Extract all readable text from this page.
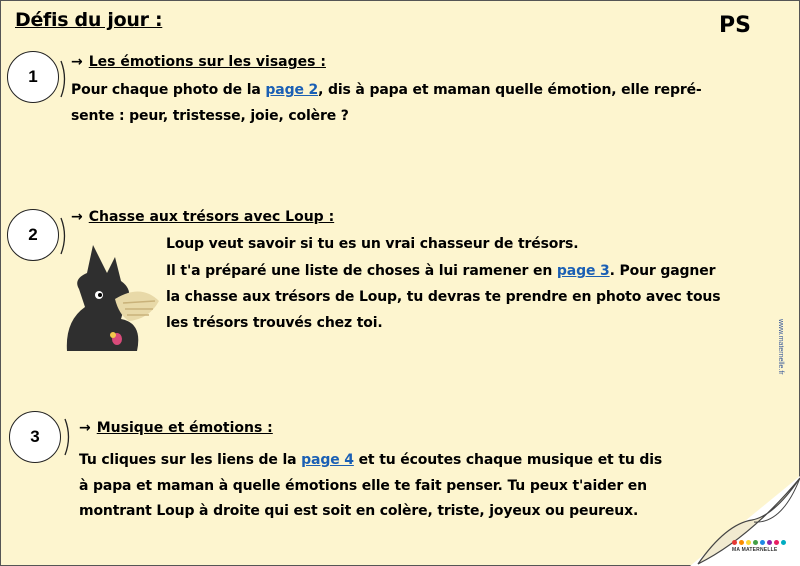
Défis du jour :	PS
1
→ Les émotions sur les visages :
Pour chaque photo de la page 2, dis à papa et maman quelle émotion, elle repré-
sente : peur, tristesse, joie, colère ?
2
→ Chasse aux trésors avec Loup :
Loup veut savoir si tu es un vrai chasseur de trésors.
Il t'a préparé une liste de choses à lui ramener en page 3. Pour gagner
la chasse aux trésors de Loup, tu devras te prendre en photo avec tous
les trésors trouvés chez toi.
3	→ Musique et émotions :
Tu cliques sur les liens de la page 4 et tu écoutes chaque musique et tu dis
à papa et maman à quelle émotions elle te fait penser. Tu peux t'aider en
montrant Loup à droite qui est soit en colère, triste, joyeux ou peureux.
www.maternelle.fr
MA MATERNELLE
